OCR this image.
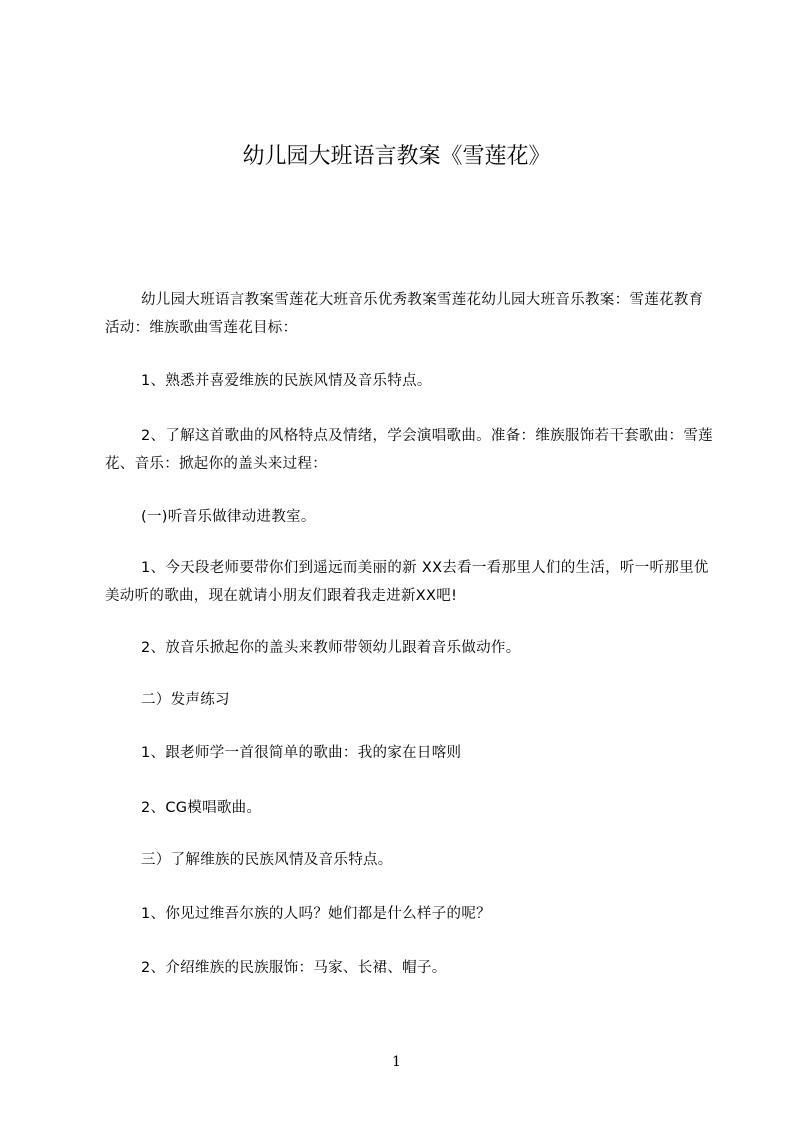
幼儿园大班语言教案《雪莲花》

幼儿园大班语言教案雪莲花大班音乐优秀教案雪莲花幼儿园大班音乐教案：雪莲花教育活动：维族歌曲雪莲花目标：

1、熟悉并喜爱维族的民族风情及音乐特点。

2、了解这首歌曲的风格特点及情绪，学会演唱歌曲。准备：维族服饰若干套歌曲：雪莲花、音乐：掀起你的盖头来过程：

(一)听音乐做律动进教室。

1、今天段老师要带你们到遥远而美丽的新 XX去看一看那里人们的生活，听一听那里优美动听的歌曲，现在就请小朋友们跟着我走进新XX吧!

2、放音乐掀起你的盖头来教师带领幼儿跟着音乐做动作。

二）发声练习

1、跟老师学一首很简单的歌曲：我的家在日喀则

2、CG模唱歌曲。

三）了解维族的民族风情及音乐特点。

1、你见过维吾尔族的人吗？她们都是什么样子的呢？

2、介绍维族的民族服饰：马家、长裙、帽子。

1
